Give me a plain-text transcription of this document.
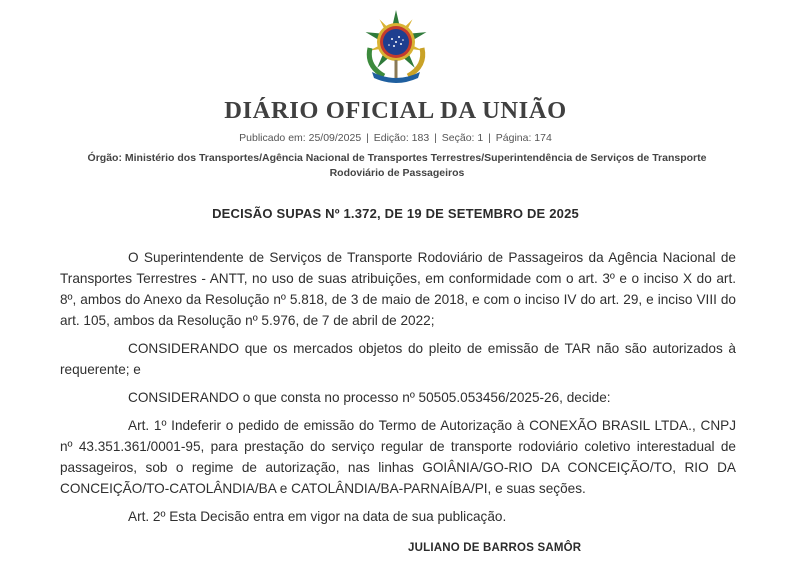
DIÁRIO OFICIAL DA UNIÃO
Publicado em: 25/09/2025 | Edição: 183 | Seção: 1 | Página: 174
Órgão: Ministério dos Transportes/Agência Nacional de Transportes Terrestres/Superintendência de Serviços de Transporte Rodoviário de Passageiros
DECISÃO SUPAS Nº 1.372, DE 19 DE SETEMBRO DE 2025

O Superintendente de Serviços de Transporte Rodoviário de Passageiros da Agência Nacional de Transportes Terrestres - ANTT, no uso de suas atribuições, em conformidade com o art. 3º e o inciso X do art. 8º, ambos do Anexo da Resolução nº 5.818, de 3 de maio de 2018, e com o inciso IV do art. 29, e inciso VIII do art. 105, ambos da Resolução nº 5.976, de 7 de abril de 2022;

CONSIDERANDO que os mercados objetos do pleito de emissão de TAR não são autorizados à requerente; e

CONSIDERANDO o que consta no processo nº 50505.053456/2025-26, decide:

Art. 1º Indeferir o pedido de emissão do Termo de Autorização à CONEXÃO BRASIL LTDA., CNPJ nº 43.351.361/0001-95, para prestação do serviço regular de transporte rodoviário coletivo interestadual de passageiros, sob o regime de autorização, nas linhas GOIÂNIA/GO-RIO DA CONCEIÇÃO/TO, RIO DA CONCEIÇÃO/TO-CATOLÂNDIA/BA e CATOLÂNDIA/BA-PARNAÍBA/PI, e suas seções.

Art. 2º Esta Decisão entra em vigor na data de sua publicação.

JULIANO DE BARROS SAMÔR
